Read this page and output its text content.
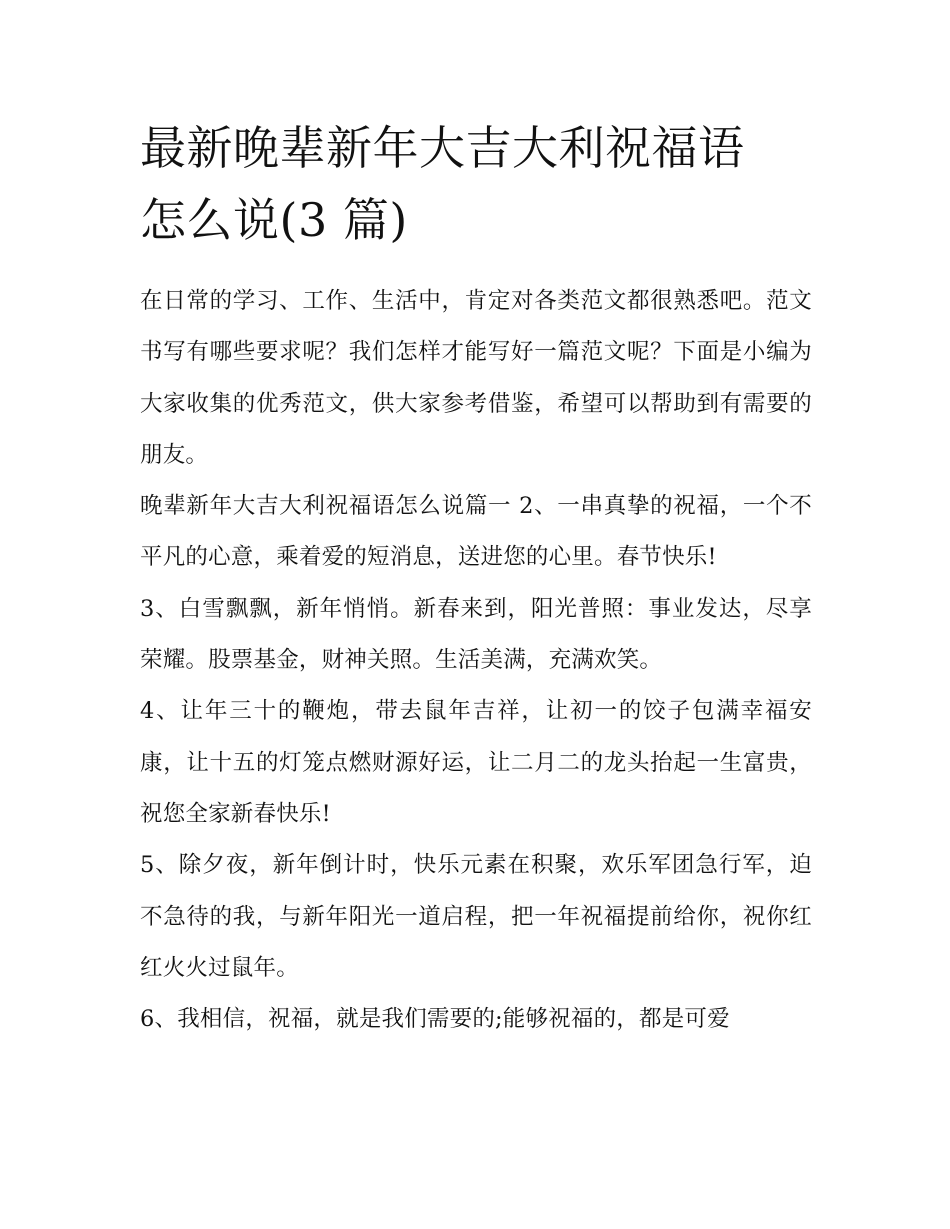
最新晚辈新年大吉大利祝福语
怎么说(3 篇)

在日常的学习、工作、生活中，肯定对各类范文都很熟悉吧。范文书写有哪些要求呢？我们怎样才能写好一篇范文呢？下面是小编为大家收集的优秀范文，供大家参考借鉴，希望可以帮助到有需要的朋友。

晚辈新年大吉大利祝福语怎么说篇一 2、一串真挚的祝福，一个不平凡的心意，乘着爱的短消息，送进您的心里。春节快乐!

3、白雪飘飘，新年悄悄。新春来到，阳光普照：事业发达，尽享荣耀。股票基金，财神关照。生活美满，充满欢笑。

4、让年三十的鞭炮，带去鼠年吉祥，让初一的饺子包满幸福安康，让十五的灯笼点燃财源好运，让二月二的龙头抬起一生富贵，祝您全家新春快乐!

5、除夕夜，新年倒计时，快乐元素在积聚，欢乐军团急行军，迫不急待的我，与新年阳光一道启程，把一年祝福提前给你，祝你红红火火过鼠年。

6、我相信，祝福，就是我们需要的;能够祝福的，都是可爱
